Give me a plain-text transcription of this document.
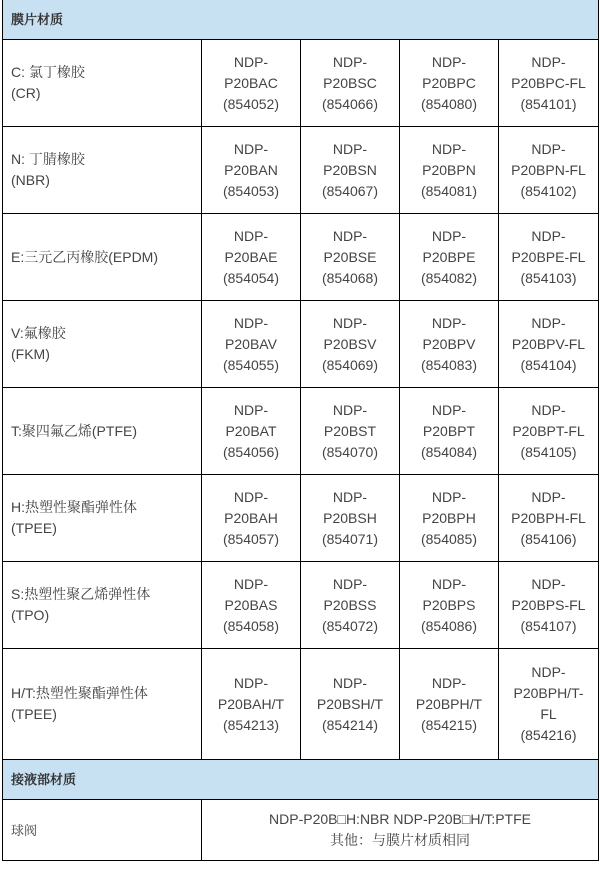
膜片材质				

C: 氯丁橡胶
(CR)	NDP-
P20BAC
(854052)	NDP-
P20BSC
(854066)	NDP-
P20BPC
(854080)	NDP-
P20BPC-FL
(854101)

N: 丁腈橡胶
(NBR)	NDP-
P20BAN
(854053)	NDP-
P20BSN
(854067)	NDP-
P20BPN
(854081)	NDP-
P20BPN-FL
(854102)

E:三元乙丙橡胶(EPDM)	NDP-
P20BAE
(854054)	NDP-
P20BSE
(854068)	NDP-
P20BPE
(854082)	NDP-
P20BPE-FL
(854103)

V:氟橡胶
(FKM)	NDP-
P20BAV
(854055)	NDP-
P20BSV
(854069)	NDP-
P20BPV
(854083)	NDP-
P20BPV-FL
(854104)

T:聚四氟乙烯(PTFE)	NDP-
P20BAT
(854056)	NDP-
P20BST
(854070)	NDP-
P20BPT
(854084)	NDP-
P20BPT-FL
(854105)

H:热塑性聚酯弹性体
(TPEE)	NDP-
P20BAH
(854057)	NDP-
P20BSH
(854071)	NDP-
P20BPH
(854085)	NDP-
P20BPH-FL
(854106)

S:热塑性聚乙烯弹性体
(TPO)	NDP-
P20BAS
(854058)	NDP-
P20BSS
(854072)	NDP-
P20BPS
(854086)	NDP-
P20BPS-FL
(854107)

H/T:热塑性聚酯弹性体
(TPEE)	NDP-
P20BAH/T
(854213)	NDP-
P20BSH/T
(854214)	NDP-
P20BPH/T
(854215)	NDP-
P20BPH/T-
FL
(854216)

接液部材质				
球阀	NDP-P20B□H:NBR NDP-P20B□H/T:PTFE
其他：与膜片材质相同			
